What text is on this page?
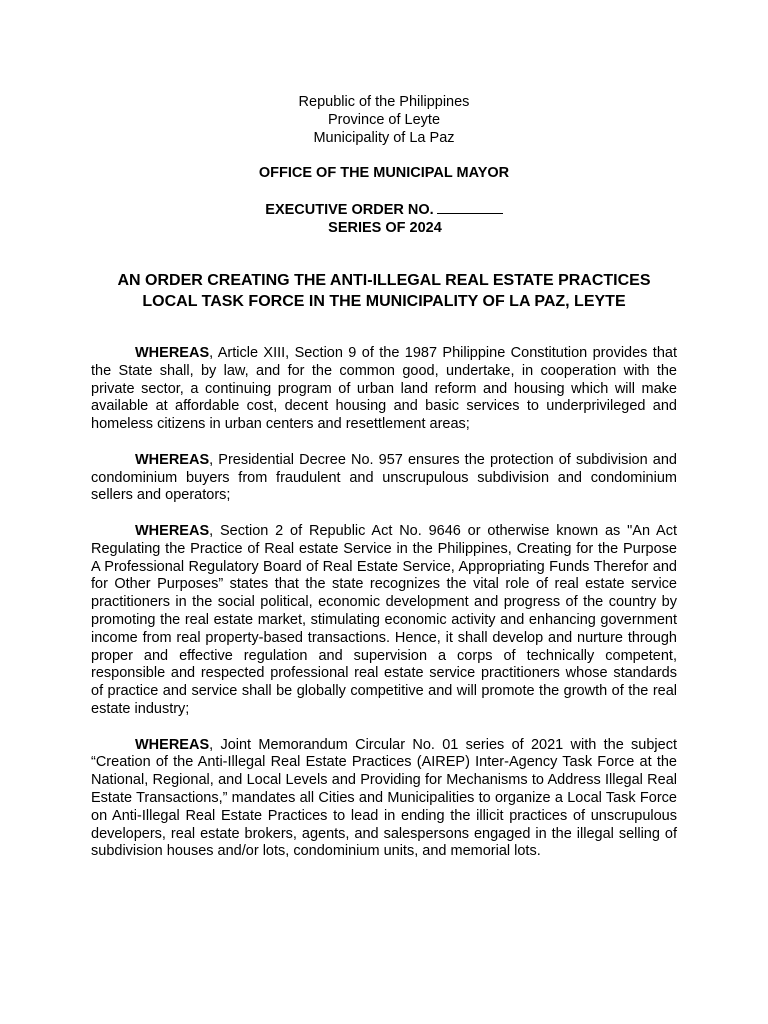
Republic of the Philippines
Province of Leyte
Municipality of La Paz
OFFICE OF THE MUNICIPAL MAYOR
EXECUTIVE ORDER NO.
SERIES OF 2024
AN ORDER CREATING THE ANTI-ILLEGAL REAL ESTATE PRACTICES
LOCAL TASK FORCE IN THE MUNICIPALITY OF LA PAZ, LEYTE

WHEREAS, Article XIII, Section 9 of the 1987 Philippine Constitution provides that the State shall, by law, and for the common good, undertake, in cooperation with the private sector, a continuing program of urban land reform and housing which will make available at affordable cost, decent housing and basic services to underprivileged and homeless citizens in urban centers and resettlement areas;

WHEREAS, Presidential Decree No. 957 ensures the protection of subdivision and condominium buyers from fraudulent and unscrupulous subdivision and condominium sellers and operators;

WHEREAS, Section 2 of Republic Act No. 9646 or otherwise known as "An Act Regulating the Practice of Real estate Service in the Philippines, Creating for the Purpose A Professional Regulatory Board of Real Estate Service, Appropriating Funds Therefor and for Other Purposes” states that the state recognizes the vital role of real estate service practitioners in the social political, economic development and progress of the country by promoting the real estate market, stimulating economic activity and enhancing government income from real property-based transactions. Hence, it shall develop and nurture through proper and effective regulation and supervision a corps of technically competent, responsible and respected professional real estate service practitioners whose standards of practice and service shall be globally competitive and will promote the growth of the real estate industry;

WHEREAS, Joint Memorandum Circular No. 01 series of 2021 with the subject “Creation of the Anti-Illegal Real Estate Practices (AIREP) Inter-Agency Task Force at the National, Regional, and Local Levels and Providing for Mechanisms to Address Illegal Real Estate Transactions,” mandates all Cities and Municipalities to organize a Local Task Force on Anti-Illegal Real Estate Practices to lead in ending the illicit practices of unscrupulous developers, real estate brokers, agents, and salespersons engaged in the illegal selling of subdivision houses and/or lots, condominium units, and memorial lots.
